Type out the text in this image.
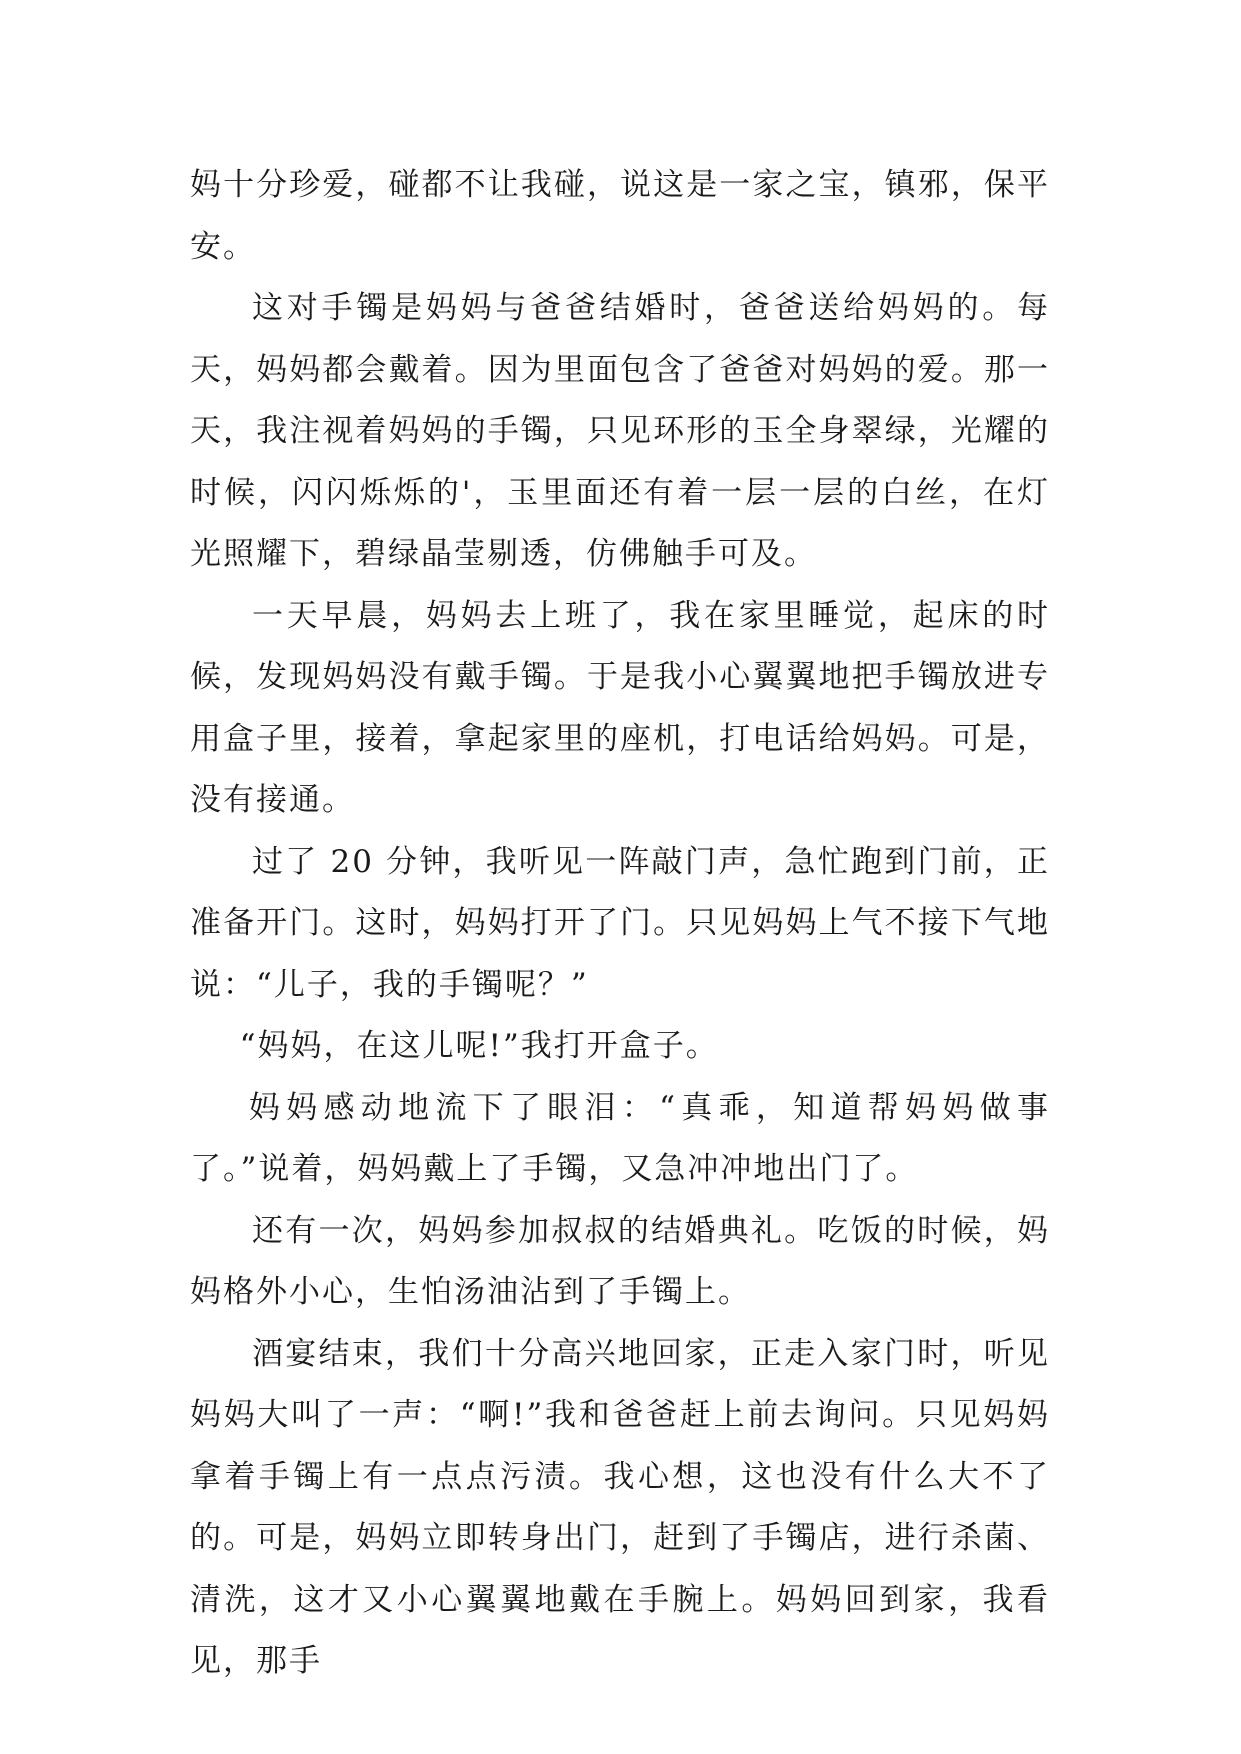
妈十分珍爱，碰都不让我碰，说这是一家之宝，镇邪，保平安。

这对手镯是妈妈与爸爸结婚时，爸爸送给妈妈的。每天，妈妈都会戴着。因为里面包含了爸爸对妈妈的爱。那一天，我注视着妈妈的手镯，只见环形的玉全身翠绿，光耀的时候，闪闪烁烁的'，玉里面还有着一层一层的白丝，在灯光照耀下，碧绿晶莹剔透，仿佛触手可及。

一天早晨，妈妈去上班了，我在家里睡觉，起床的时候，发现妈妈没有戴手镯。于是我小心翼翼地把手镯放进专用盒子里，接着，拿起家里的座机，打电话给妈妈。可是，没有接通。

过了 20 分钟，我听见一阵敲门声，急忙跑到门前，正准备开门。这时，妈妈打开了门。只见妈妈上气不接下气地说：“儿子，我的手镯呢？”

“妈妈，在这儿呢!”我打开盒子。

妈妈感动地流下了眼泪：“真乖，知道帮妈妈做事了。”说着，妈妈戴上了手镯，又急冲冲地出门了。

还有一次，妈妈参加叔叔的结婚典礼。吃饭的时候，妈妈格外小心，生怕汤油沾到了手镯上。

酒宴结束，我们十分高兴地回家，正走入家门时，听见妈妈大叫了一声：“啊!”我和爸爸赶上前去询问。只见妈妈拿着手镯上有一点点污渍。我心想，这也没有什么大不了的。可是，妈妈立即转身出门，赶到了手镯店，进行杀菌、清洗，这才又小心翼翼地戴在手腕上。妈妈回到家，我看见，那手
